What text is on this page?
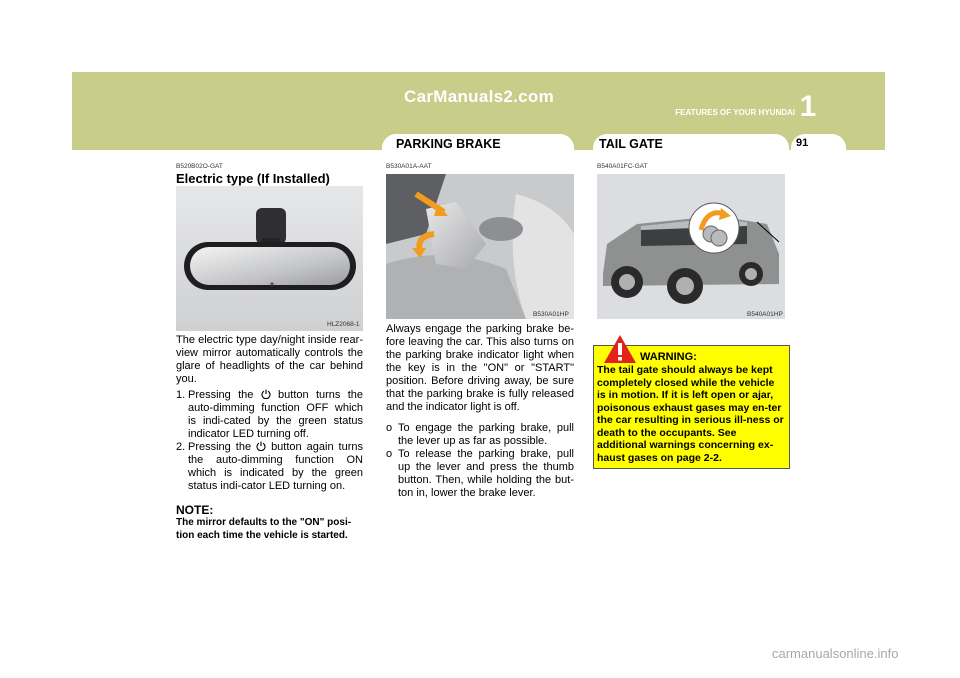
CarManuals2.com
FEATURES OF YOUR HYUNDAI 1
PARKING BRAKE	TAIL GATE	91
B520B02O-GAT
Electric type (If Installed)
HLZ2068-1

The electric type day/night inside rear-view mirror automatically controls the glare of headlights of the car behind you.

1. Pressing the  button turns the auto-dimming function OFF which is indi-cated by the green status indicator LED turning off.
2. Pressing the  button again turns the auto-dimming function ON which is indicated by the green status indi-cator LED turning on.
NOTE:
The mirror defaults to the "ON" posi-tion each time the vehicle is started.
B530A01A-AAT
B530A01HP

Always engage the parking brake be-fore leaving the car. This also turns on the parking brake indicator light when the key is in the "ON" or "START" position. Before driving away, be sure that the parking brake is fully released and the indicator light is off.

o To engage the parking brake, pull the lever up as far as possible.
o To release the parking brake, pull up the lever and press the thumb button. Then, while holding the but-ton in, lower the brake lever.
B540A01FC-GAT
B540A01HP
WARNING:
The tail gate should always be kept completely closed while the vehicle is in motion. If it is left open or ajar, poisonous exhaust gases may en-ter the car resulting in serious ill-ness or death to the occupants. See additional warnings concerning ex-haust gases on page 2-2.
carmanualsonline.info
